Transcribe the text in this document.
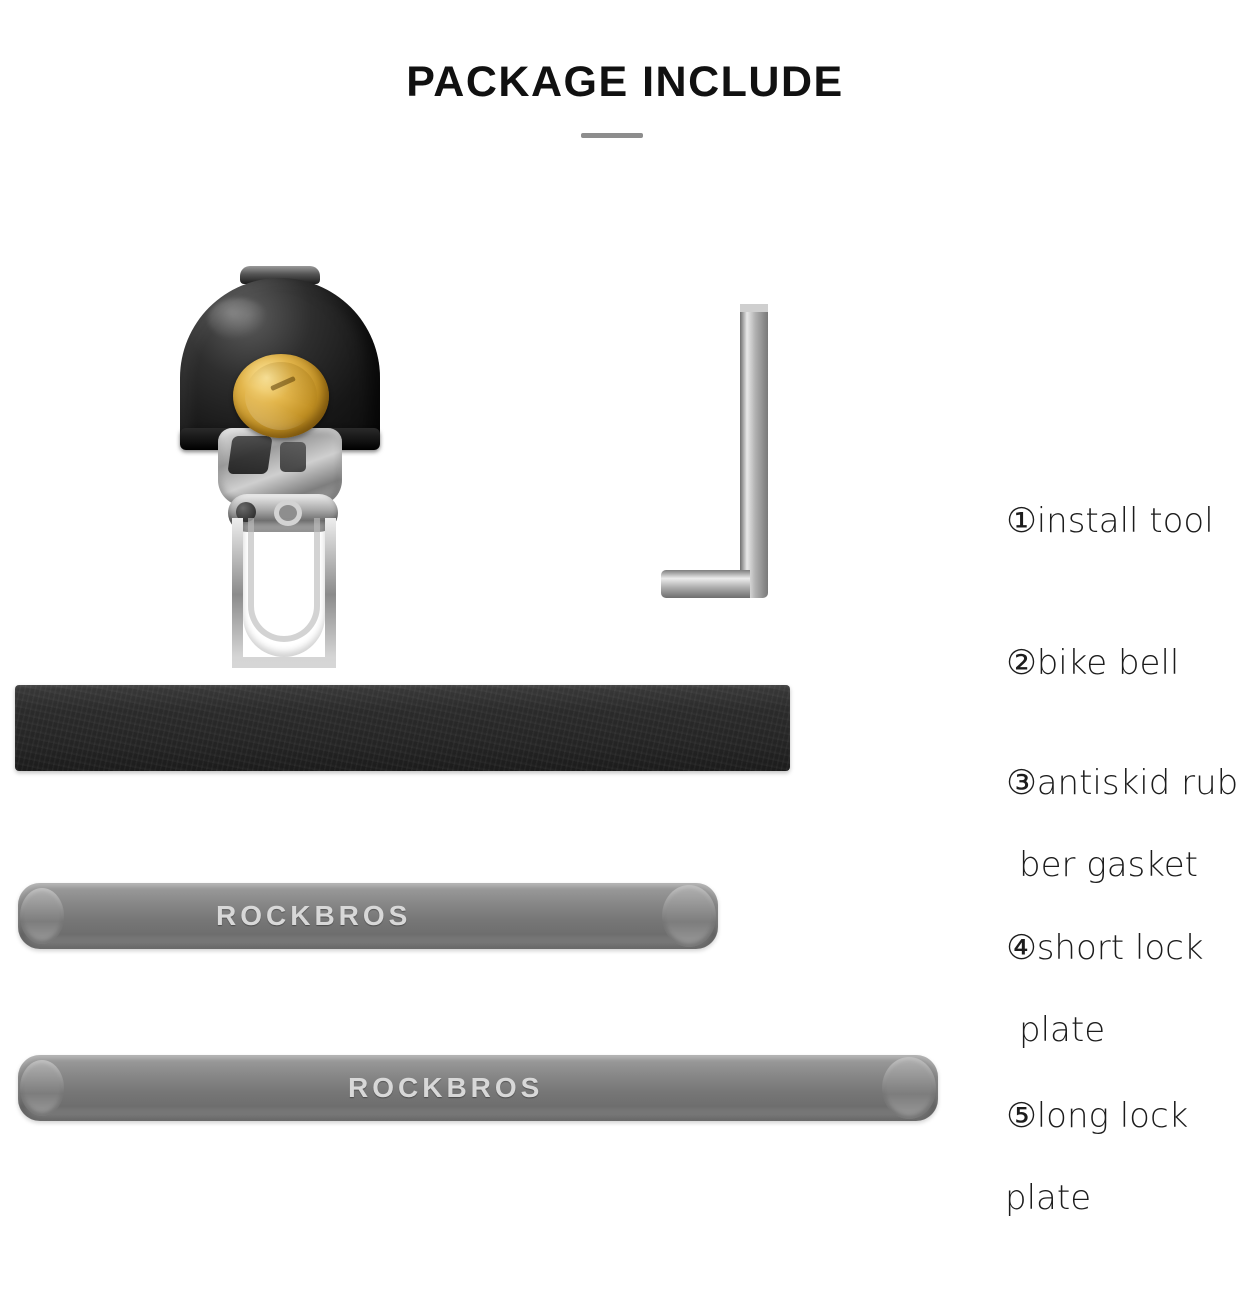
PACKAGE INCLUDE
ROCKBROS
ROCKBROS

①install tool

②bike bell

③antiskid rub

ber gasket

④short lock

plate

⑤long lock

plate
